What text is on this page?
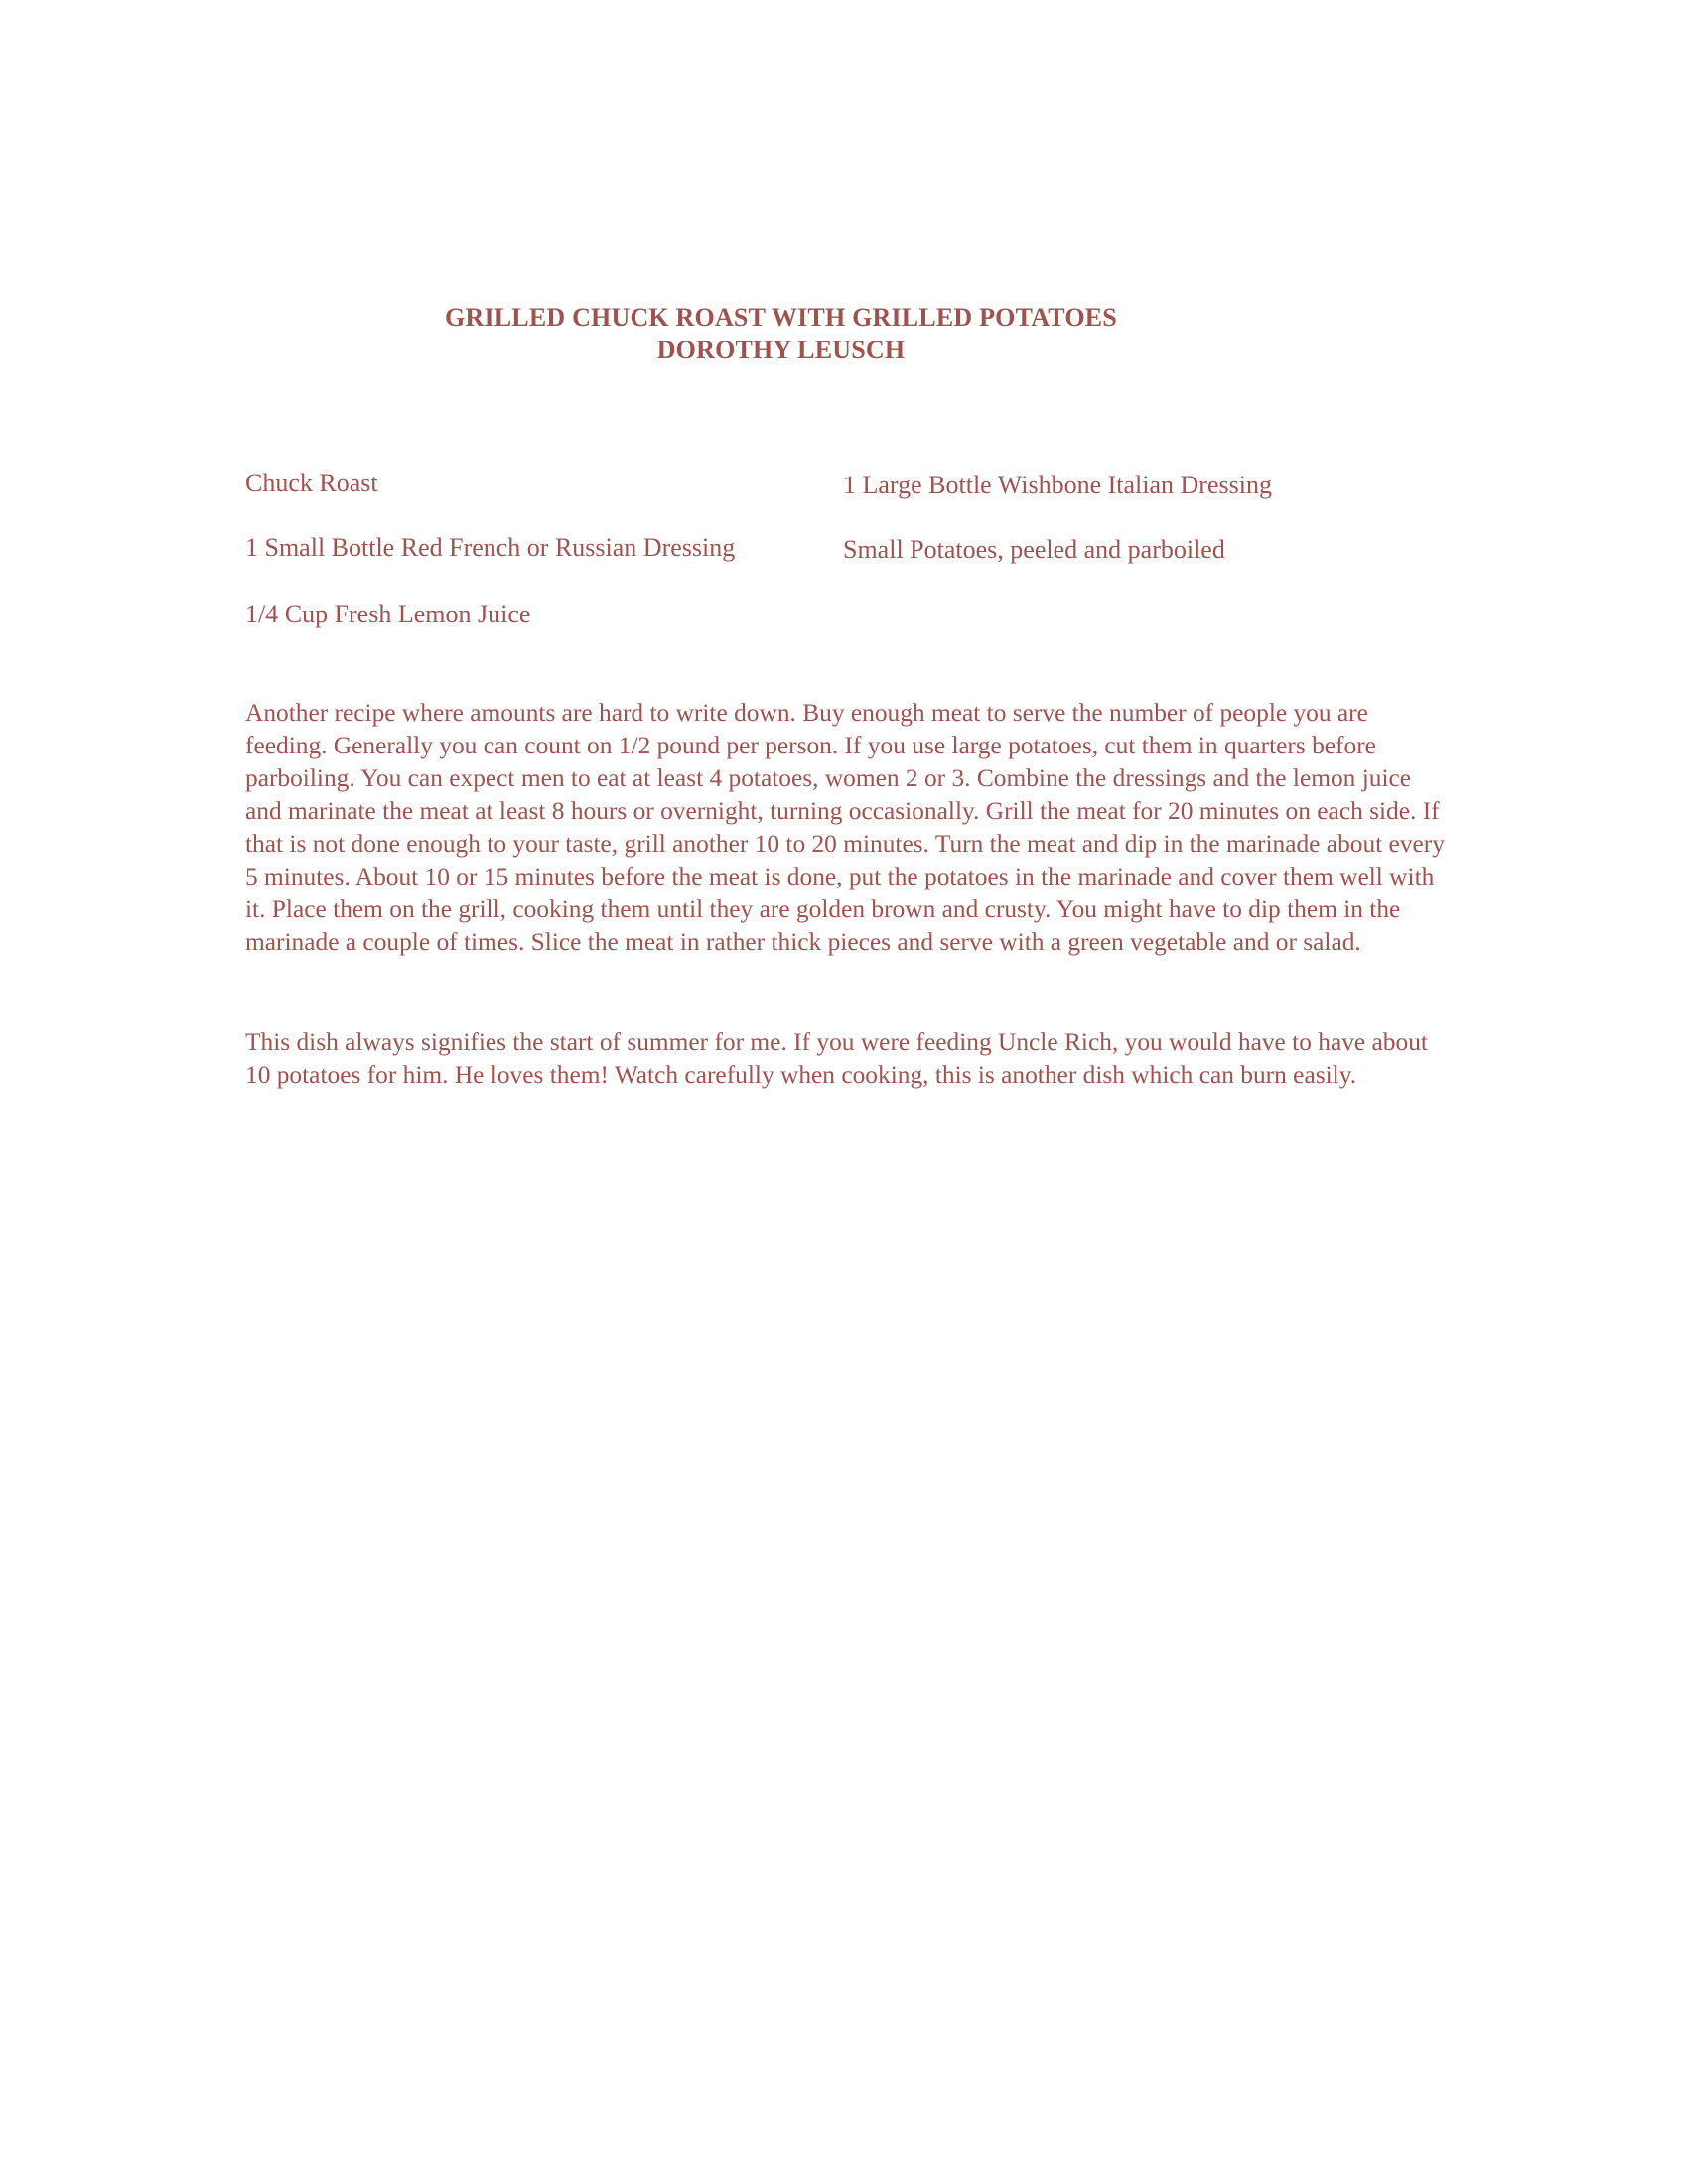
GRILLED CHUCK ROAST WITH GRILLED POTATOES
DOROTHY LEUSCH
Chuck Roast
1 Small Bottle Red French or Russian Dressing
1/4 Cup Fresh Lemon Juice
1 Large Bottle Wishbone Italian Dressing
Small Potatoes, peeled and parboiled

Another recipe where amounts are hard to write down. Buy enough meat to serve the number of people you are feeding. Generally you can count on 1/2 pound per person. If you use large potatoes, cut them in quarters before parboiling. You can expect men to eat at least 4 potatoes, women 2 or 3. Combine the dressings and the lemon juice and marinate the meat at least 8 hours or overnight, turning occasionally. Grill the meat for 20 minutes on each side. If that is not done enough to your taste, grill another 10 to 20 minutes. Turn the meat and dip in the marinade about every 5 minutes. About 10 or 15 minutes before the meat is done, put the potatoes in the marinade and cover them well with it. Place them on the grill, cooking them until they are golden brown and crusty. You might have to dip them in the marinade a couple of times. Slice the meat in rather thick pieces and serve with a green vegetable and or salad.

This dish always signifies the start of summer for me. If you were feeding Uncle Rich, you would have to have about 10 potatoes for him. He loves them! Watch carefully when cooking, this is another dish which can burn easily.
